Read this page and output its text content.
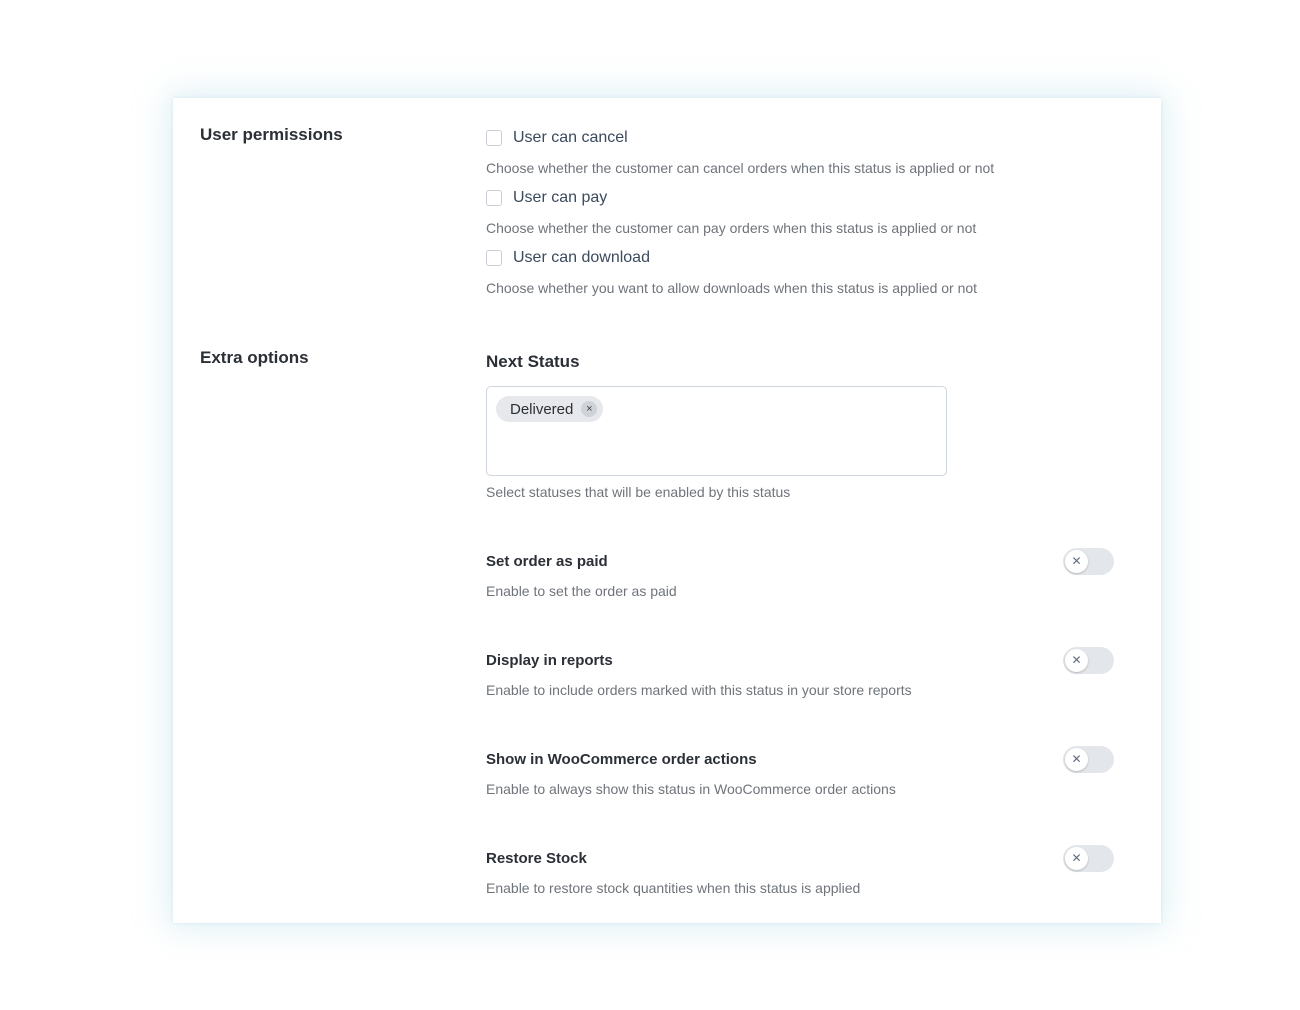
User permissions	User can cancel
Choose whether the customer can cancel orders when this status is applied or not
User can pay
Choose whether the customer can pay orders when this status is applied or not
User can download
Choose whether you want to allow downloads when this status is applied or not
Extra options	Next Status
Delivered	×
Select statuses that will be enabled by this status
Set order as paid
Enable to set the order as paid
✕
Display in reports
Enable to include orders marked with this status in your store reports
✕
Show in WooCommerce order actions
Enable to always show this status in WooCommerce order actions
✕
Restore Stock
Enable to restore stock quantities when this status is applied
✕
